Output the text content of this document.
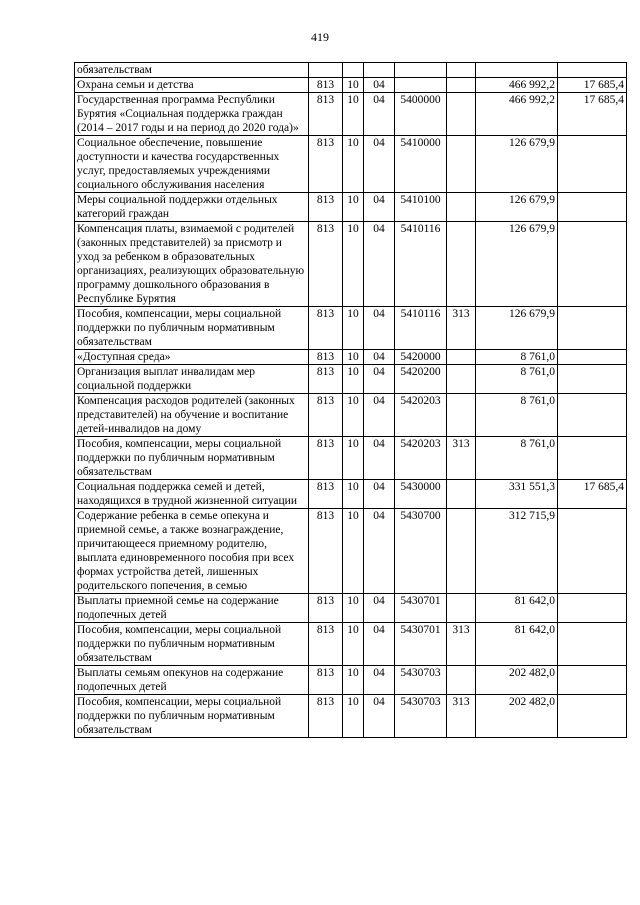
419
обязательствам							
Охрана семьи и детства	813	10	04			466 992,2	17 685,4
Государственная программа Республики Бурятия «Социальная поддержка граждан (2014 – 2017 годы и на период до 2020 года)»	813	10	04	5400000		466 992,2	17 685,4
Социальное обеспечение, повышение доступности и качества государственных услуг, предоставляемых учреждениями социального обслуживания населения	813	10	04	5410000		126 679,9	
Меры социальной поддержки отдельных категорий граждан	813	10	04	5410100		126 679,9	
Компенсация платы, взимаемой с родителей (законных представителей) за присмотр и уход за ребенком в образовательных организациях, реализующих образовательную программу дошкольного образования в Республике Бурятия	813	10	04	5410116		126 679,9	
Пособия, компенсации, меры социальной поддержки по публичным нормативным обязательствам	813	10	04	5410116	313	126 679,9	
«Доступная среда»	813	10	04	5420000		8 761,0	
Организация выплат инвалидам мер социальной поддержки	813	10	04	5420200		8 761,0	
Компенсация расходов родителей (законных представителей) на обучение и воспитание детей-инвалидов на дому	813	10	04	5420203		8 761,0	
Пособия, компенсации, меры социальной поддержки по публичным нормативным обязательствам	813	10	04	5420203	313	8 761,0	
Социальная поддержка семей и детей, находящихся в трудной жизненной ситуации	813	10	04	5430000		331 551,3	17 685,4
Содержание ребенка в семье опекуна и приемной семье, а также вознаграждение, причитающееся приемному родителю, выплата единовременного пособия при всех формах устройства детей, лишенных родительского попечения, в семью	813	10	04	5430700		312 715,9	
Выплаты приемной семье на содержание подопечных детей	813	10	04	5430701		81 642,0	
Пособия, компенсации, меры социальной поддержки по публичным нормативным обязательствам	813	10	04	5430701	313	81 642,0	
Выплаты семьям опекунов на содержание подопечных детей	813	10	04	5430703		202 482,0	
Пособия, компенсации, меры социальной поддержки по публичным нормативным обязательствам	813	10	04	5430703	313	202 482,0	
